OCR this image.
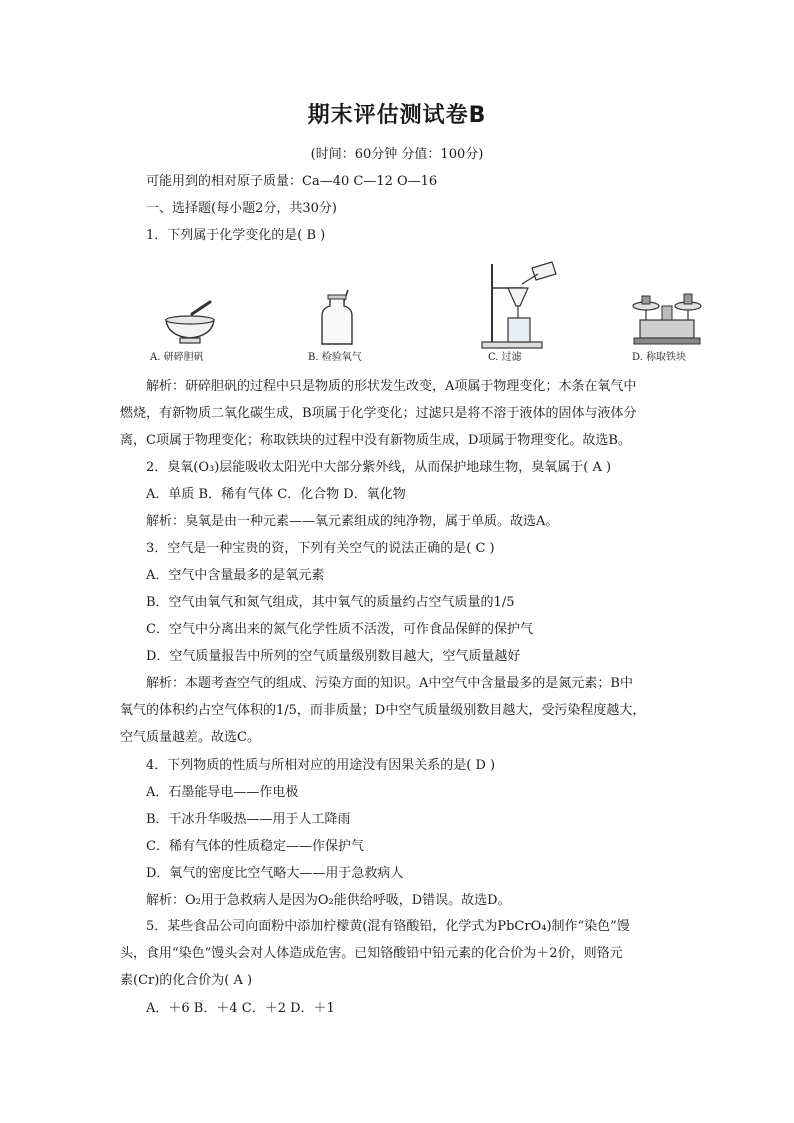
期末评估测试卷B
(时间：60分钟 分值：100分)
可能用到的相对原子质量：Ca—40 C—12 O—16
一、选择题(每小题2分，共30分)
1．下列属于化学变化的是( B )
A. 研碎胆矾	B. 检验氧气	C. 过滤	D. 称取铁块
解析：研碎胆矾的过程中只是物质的形状发生改变，A项属于物理变化；木条在氧气中
燃烧，有新物质二氧化碳生成，B项属于化学变化；过滤只是将不溶于液体的固体与液体分
离，C项属于物理变化；称取铁块的过程中没有新物质生成，D项属于物理变化。故选B。
2．臭氧(O₃)层能吸收太阳光中大部分紫外线，从而保护地球生物，臭氧属于( A )
A．单质 B．稀有气体 C．化合物 D．氧化物
解析：臭氧是由一种元素——氧元素组成的纯净物，属于单质。故选A。
3．空气是一种宝贵的资，下列有关空气的说法正确的是( C )
A．空气中含量最多的是氧元素
B．空气由氧气和氮气组成，其中氧气的质量约占空气质量的1/5
C．空气中分离出来的氮气化学性质不活泼，可作食品保鲜的保护气
D．空气质量报告中所列的空气质量级别数目越大，空气质量越好
解析：本题考查空气的组成、污染方面的知识。A中空气中含量最多的是氮元素；B中
氧气的体积约占空气体积的1/5，而非质量；D中空气质量级别数目越大，受污染程度越大，
空气质量越差。故选C。
4．下列物质的性质与所相对应的用途没有因果关系的是( D )
A．石墨能导电——作电极
B．干冰升华吸热——用于人工降雨
C．稀有气体的性质稳定——作保护气
D．氧气的密度比空气略大——用于急救病人
解析：O₂用于急救病人是因为O₂能供给呼吸，D错误。故选D。
5．某些食品公司向面粉中添加柠檬黄(混有铬酸铅，化学式为PbCrO₄)制作“染色”馒
头，食用“染色”馒头会对人体造成危害。已知铬酸铅中铅元素的化合价为＋2价，则铬元
素(Cr)的化合价为( A )
A．＋6 B．＋4 C．＋2 D．＋1
